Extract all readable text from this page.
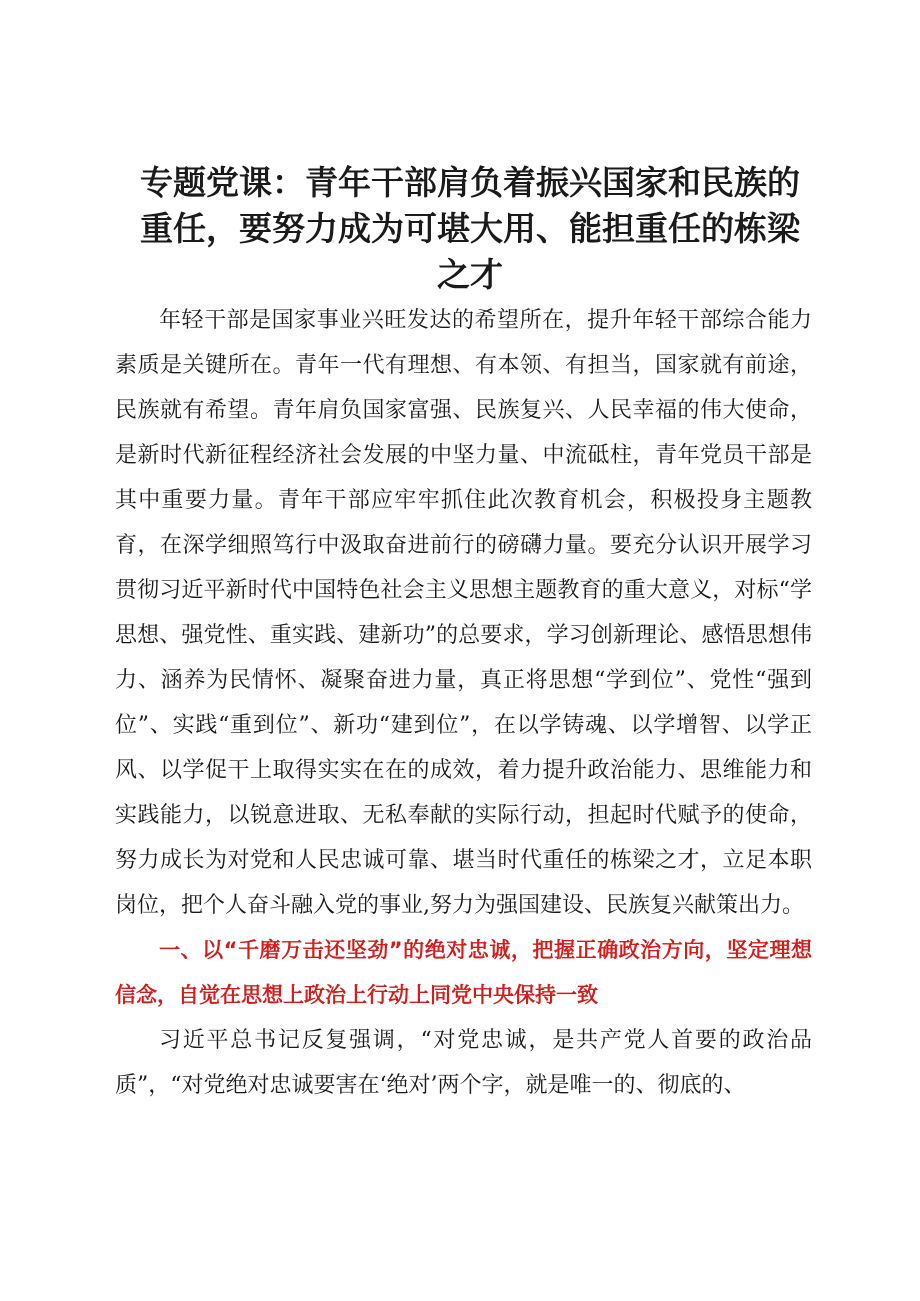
专题党课：青年干部肩负着振兴国家和民族的重任，要努力成为可堪大用、能担重任的栋梁之才

年轻干部是国家事业兴旺发达的希望所在，提升年轻干部综合能力素质是关键所在。青年一代有理想、有本领、有担当，国家就有前途，民族就有希望。青年肩负国家富强、民族复兴、人民幸福的伟大使命，是新时代新征程经济社会发展的中坚力量、中流砥柱，青年党员干部是其中重要力量。青年干部应牢牢抓住此次教育机会，积极投身主题教育，在深学细照笃行中汲取奋进前行的磅礴力量。要充分认识开展学习贯彻习近平新时代中国特色社会主义思想主题教育的重大意义，对标“学思想、强党性、重实践、建新功”的总要求，学习创新理论、感悟思想伟力、涵养为民情怀、凝聚奋进力量，真正将思想“学到位”、党性“强到位”、实践“重到位”、新功“建到位”，在以学铸魂、以学增智、以学正风、以学促干上取得实实在在的成效，着力提升政治能力、思维能力和实践能力，以锐意进取、无私奉献的实际行动，担起时代赋予的使命，努力成长为对党和人民忠诚可靠、堪当时代重任的栋梁之才，立足本职岗位，把个人奋斗融入党的事业,努力为强国建设、民族复兴献策出力。

一、以“千磨万击还坚劲”的绝对忠诚，把握正确政治方向，坚定理想信念，自觉在思想上政治上行动上同党中央保持一致

习近平总书记反复强调，“对党忠诚，是共产党人首要的政治品质”，“对党绝对忠诚要害在‘绝对’两个字，就是唯一的、彻底的、
